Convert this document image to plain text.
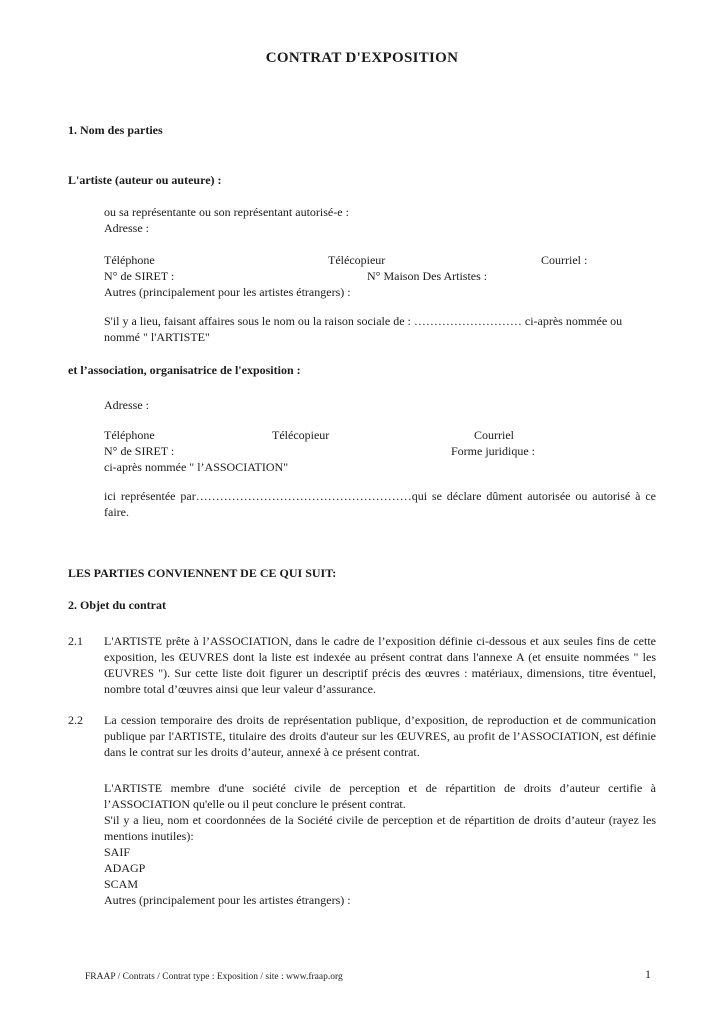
CONTRAT D'EXPOSITION
1. Nom des parties
L'artiste (auteur ou auteure) :
ou sa représentante ou son représentant autorisé-e :
Adresse :
Téléphone	Télécopieur	Courriel :
N° de SIRET :	N° Maison Des Artistes :
Autres (principalement pour les artistes étrangers) :
S'il y a lieu, faisant affaires sous le nom ou la raison sociale de : ……………………… ci-après nommée ou
nommé " l'ARTISTE"
et l’association, organisatrice de l'exposition :
Adresse :
Téléphone	Télécopieur	Courriel
N° de SIRET :	Forme juridique :
ci-après nommée " l’ASSOCIATION"
ici représentée par………………………………………………qui se déclare dûment autorisée ou autorisé à ce faire.
LES PARTIES CONVIENNENT DE CE QUI SUIT:
2. Objet du contrat
2.1	L'ARTISTE prête à l’ASSOCIATION, dans le cadre de l’exposition définie ci-dessous et aux seules fins de cette exposition, les ŒUVRES dont la liste est indexée au présent contrat dans l'annexe A (et ensuite nommées " les ŒUVRES "). Sur cette liste doit figurer un descriptif précis des œuvres : matériaux, dimensions, titre éventuel, nombre total d’œuvres ainsi que leur valeur d’assurance.
2.2	La cession temporaire des droits de représentation publique, d’exposition, de reproduction et de communication publique par l'ARTISTE, titulaire des droits d'auteur sur les ŒUVRES, au profit de l’ASSOCIATION, est définie dans le contrat sur les droits d’auteur, annexé à ce présent contrat.
L'ARTISTE membre d'une société civile de perception et de répartition de droits d’auteur certifie à l’ASSOCIATION qu'elle ou il peut conclure le présent contrat.
S'il y a lieu, nom et coordonnées de la Société civile de perception et de répartition de droits d’auteur (rayez les mentions inutiles):
SAIF
ADAGP
SCAM
Autres (principalement pour les artistes étrangers) :
FRAAP / Contrats / Contrat type : Exposition / site : www.fraap.org	1
